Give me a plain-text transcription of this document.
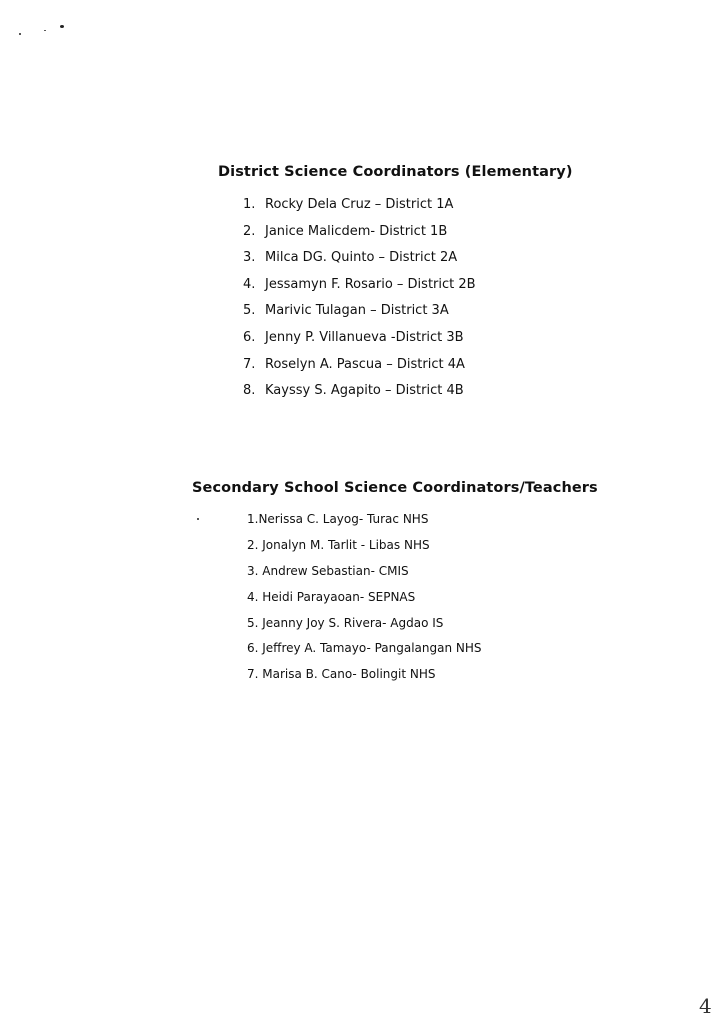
District Science Coordinators (Elementary)
1. Rocky Dela Cruz – District 1A
2. Janice Malicdem- District 1B
3. Milca DG. Quinto – District 2A
4. Jessamyn F. Rosario – District 2B
5. Marivic Tulagan – District 3A
6. Jenny P. Villanueva -District 3B
7. Roselyn A. Pascua – District 4A
8. Kayssy S. Agapito – District 4B
Secondary School Science Coordinators/Teachers
1.Nerissa C. Layog- Turac NHS
2. Jonalyn M. Tarlit - Libas NHS
3. Andrew Sebastian- CMIS
4. Heidi Parayaoan- SEPNAS
5. Jeanny Joy S. Rivera- Agdao IS
6. Jeffrey A. Tamayo- Pangalangan NHS
7. Marisa B. Cano- Bolingit NHS
4
